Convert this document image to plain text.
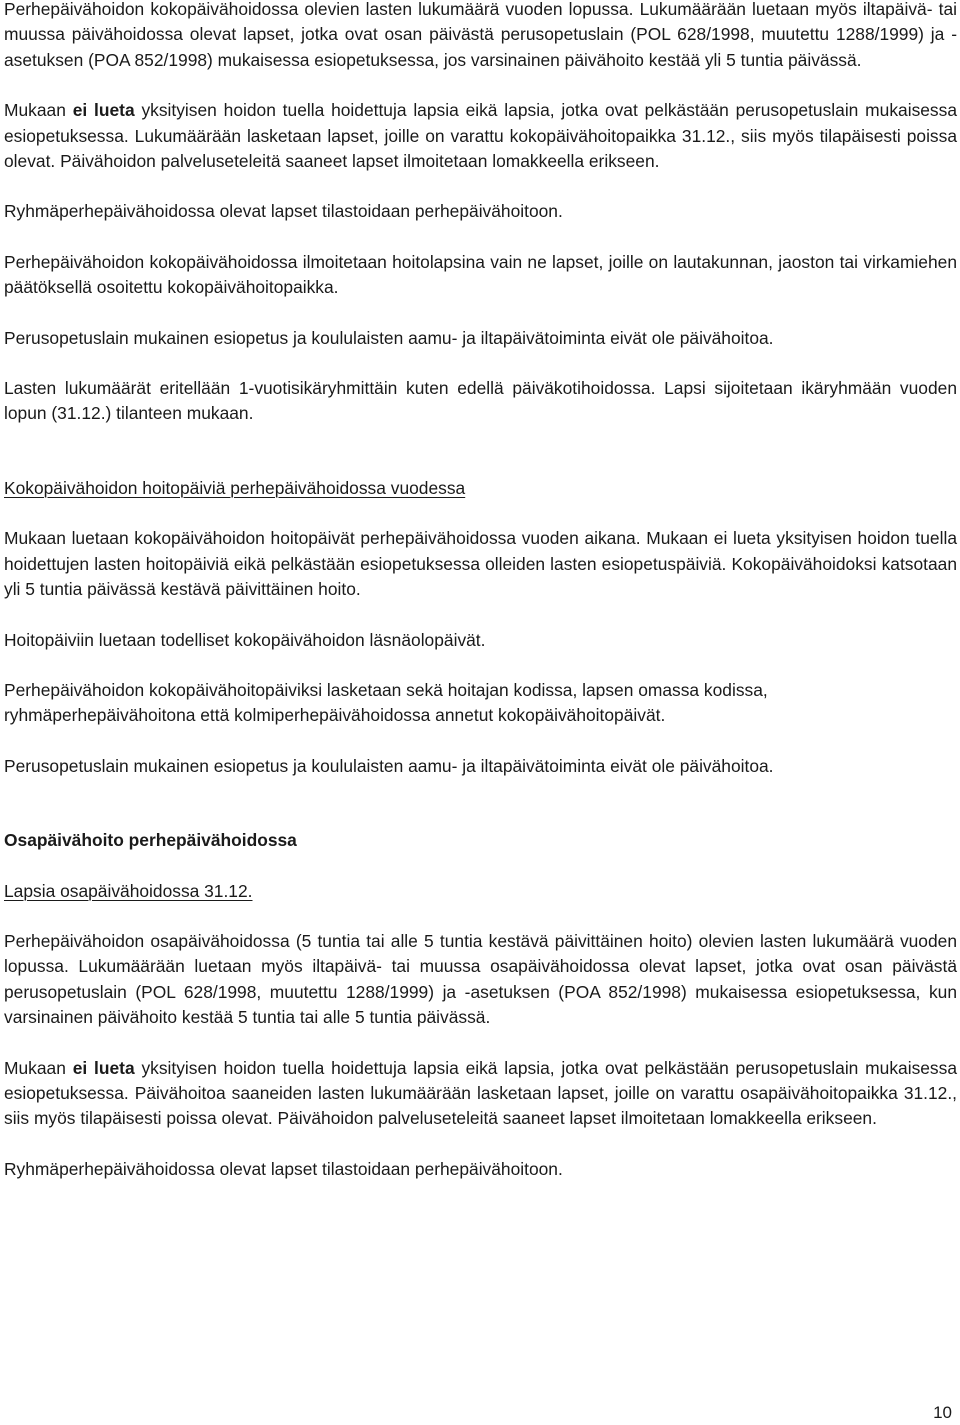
Perhepäivähoidon kokopäivähoidossa olevien lasten lukumäärä vuoden lopussa. Lukumäärään luetaan myös iltapäivä- tai muussa päivähoidossa olevat lapset, jotka ovat osan päivästä perusopetuslain (POL 628/1998, muutettu 1288/1999) ja -asetuksen (POA 852/1998) mukaisessa esiopetuksessa, jos varsinainen päivähoito kestää yli 5 tuntia päivässä.

Mukaan ei lueta yksityisen hoidon tuella hoidettuja lapsia eikä lapsia, jotka ovat pelkästään perusopetuslain mukaisessa esiopetuksessa. Lukumäärään lasketaan lapset, joille on varattu kokopäivähoitopaikka 31.12., siis myös tilapäisesti poissa olevat. Päivähoidon palveluseteleitä saaneet lapset ilmoitetaan lomakkeella erikseen.

Ryhmäperhepäivähoidossa olevat lapset tilastoidaan perhepäivähoitoon.

Perhepäivähoidon kokopäivähoidossa ilmoitetaan hoitolapsina vain ne lapset, joille on lautakunnan, jaoston tai virkamiehen päätöksellä osoitettu kokopäivähoitopaikka.

Perusopetuslain mukainen esiopetus ja koululaisten aamu- ja iltapäivätoiminta eivät ole päivähoitoa.

Lasten lukumäärät eritellään 1-vuotisikäryhmittäin kuten edellä päiväkotihoidossa. Lapsi sijoitetaan ikäryhmään vuoden lopun (31.12.) tilanteen mukaan.

Kokopäivähoidon hoitopäiviä perhepäivähoidossa vuodessa

Mukaan luetaan kokopäivähoidon hoitopäivät perhepäivähoidossa vuoden aikana. Mukaan ei lueta yksityisen hoidon tuella hoidettujen lasten hoitopäiviä eikä pelkästään esiopetuksessa olleiden lasten esiopetuspäiviä. Kokopäivähoidoksi katsotaan yli 5 tuntia päivässä kestävä päivittäinen hoito.

Hoitopäiviin luetaan todelliset kokopäivähoidon läsnäolopäivät.

Perhepäivähoidon kokopäivähoitopäiviksi lasketaan sekä hoitajan kodissa, lapsen omassa kodissa, ryhmäperhepäivähoitona että kolmiperhepäivähoidossa annetut kokopäivähoitopäivät.

Perusopetuslain mukainen esiopetus ja koululaisten aamu- ja iltapäivätoiminta eivät ole päivähoitoa.

Osapäivähoito perhepäivähoidossa

Lapsia osapäivähoidossa 31.12.

Perhepäivähoidon osapäivähoidossa (5 tuntia tai alle 5 tuntia kestävä päivittäinen hoito) olevien lasten lukumäärä vuoden lopussa. Lukumäärään luetaan myös iltapäivä- tai muussa osapäivähoidossa olevat lapset, jotka ovat osan päivästä perusopetuslain (POL 628/1998, muutettu 1288/1999) ja -asetuksen (POA 852/1998) mukaisessa esiopetuksessa, kun varsinainen päivähoito kestää 5 tuntia tai alle 5 tuntia päivässä.

Mukaan ei lueta yksityisen hoidon tuella hoidettuja lapsia eikä lapsia, jotka ovat pelkästään perusopetuslain mukaisessa esiopetuksessa. Päivähoitoa saaneiden lasten lukumäärään lasketaan lapset, joille on varattu osapäivähoitopaikka 31.12., siis myös tilapäisesti poissa olevat. Päivähoidon palveluseteleitä saaneet lapset ilmoitetaan lomakkeella erikseen.

Ryhmäperhepäivähoidossa olevat lapset tilastoidaan perhepäivähoitoon.

10
